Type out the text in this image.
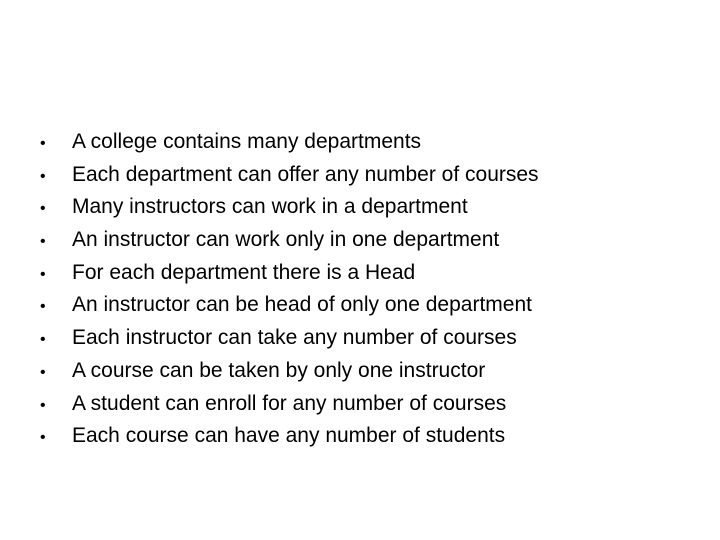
•	A college contains many departments
•	Each department can offer any number of courses
•	Many instructors can work in a department
•	An instructor can work only in one department
•	For each department there is a Head
•	An instructor can be head of only one department
•	Each instructor can take any number of courses
•	A course can be taken by only one instructor
•	A student can enroll for any number of courses
•	Each course can have any number of students
